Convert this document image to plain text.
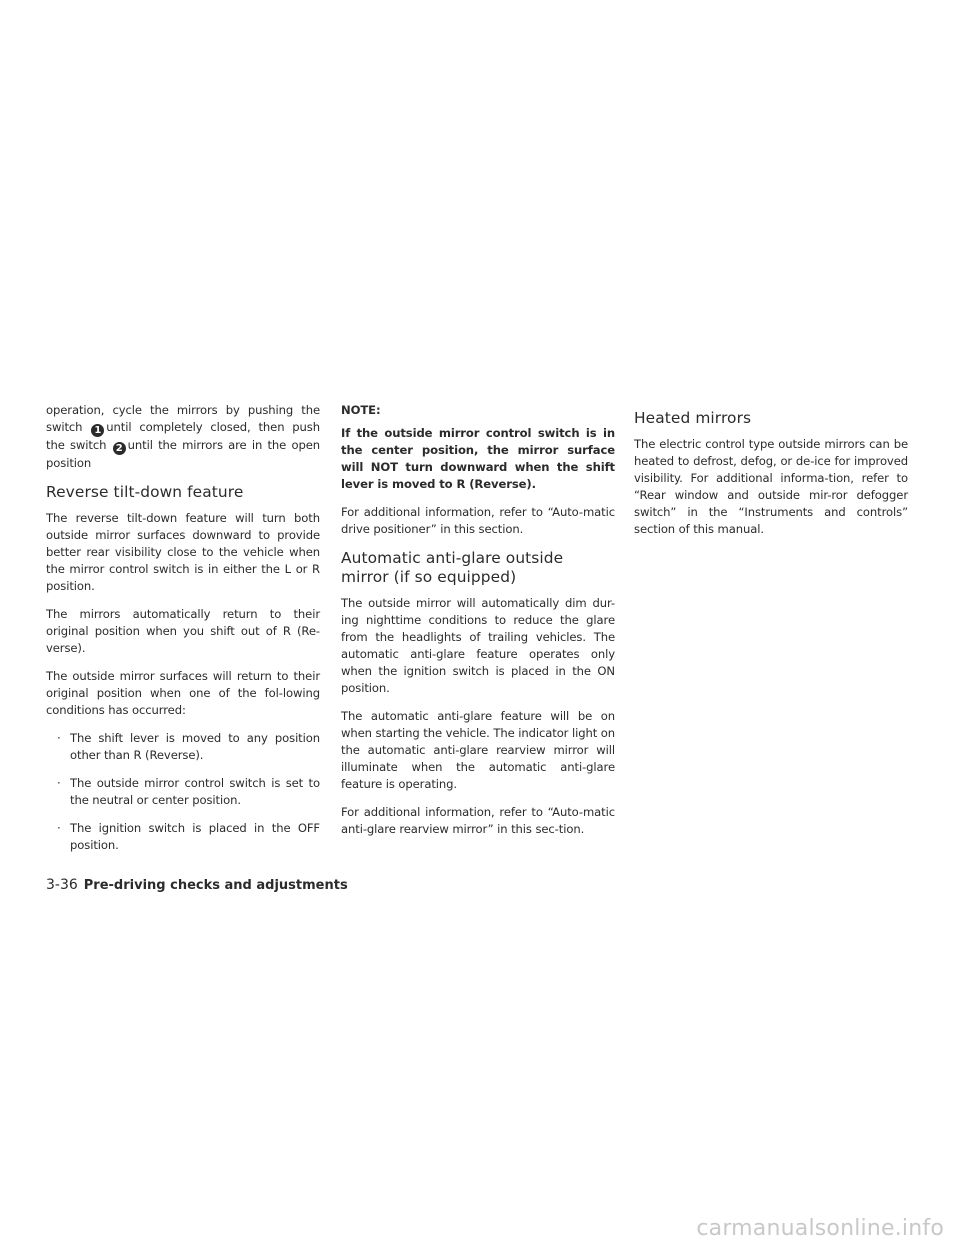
operation, cycle the mirrors by pushing the switch 1 until completely closed, then push the switch 2 until the mirrors are in the open position

Reverse tilt-down feature

The reverse tilt-down feature will turn both outside mirror surfaces downward to provide better rear visibility close to the vehicle when the mirror control switch is in either the L or R position.

The mirrors automatically return to their original position when you shift out of R (Re-verse).

The outside mirror surfaces will return to their original position when one of the fol-lowing conditions has occurred:

· The shift lever is moved to any position other than R (Reverse).
· The outside mirror control switch is set to the neutral or center position.
· The ignition switch is placed in the OFF position.

NOTE:

If the outside mirror control switch is in the center position, the mirror surface will NOT turn downward when the shift lever is moved to R (Reverse).

For additional information, refer to “Auto-matic drive positioner” in this section.

Automatic anti-glare outside mirror (if so equipped)

The outside mirror will automatically dim dur-ing nighttime conditions to reduce the glare from the headlights of trailing vehicles. The automatic anti-glare feature operates only when the ignition switch is placed in the ON position.

The automatic anti-glare feature will be on when starting the vehicle. The indicator light on the automatic anti-glare rearview mirror will illuminate when the automatic anti-glare feature is operating.

For additional information, refer to “Auto-matic anti-glare rearview mirror” in this sec-tion.

Heated mirrors

The electric control type outside mirrors can be heated to defrost, defog, or de-ice for improved visibility. For additional informa-tion, refer to “Rear window and outside mir-ror defogger switch” in the “Instruments and controls” section of this manual.

3-36 Pre-driving checks and adjustments
carmanualsonline.info
